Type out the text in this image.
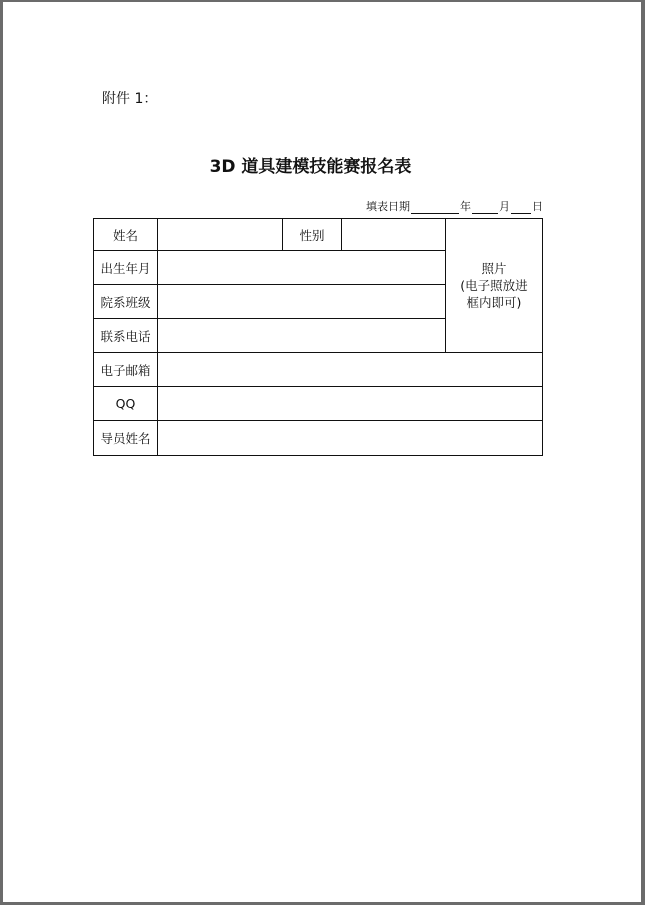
附件 1：
3D 道具建模技能赛报名表
填表日期	年	月 日
姓名		性别		照片
(电子照放进
框内即可)

出生年月				
院系班级				
联系电话				
电子邮箱				
QQ				
导员姓名				
